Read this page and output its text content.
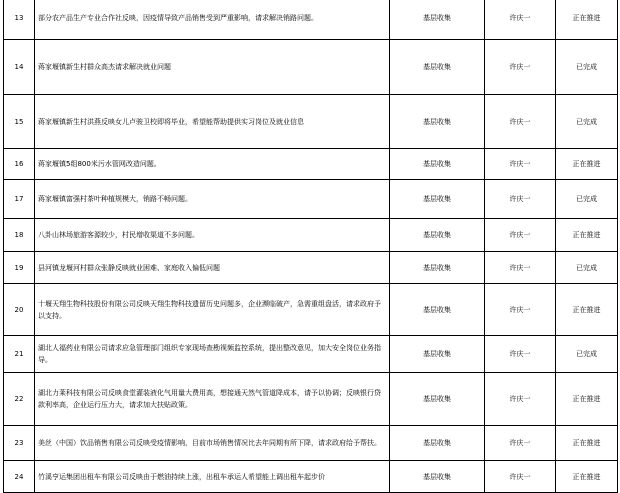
13	部分农产品生产专业合作社反映，因疫情导致产品销售受到严重影响，请求解决销路问题。	基层收集	许庆一	正在推进
14	蒋家堰镇新生村群众高杰请求解决就业问题	基层收集	许庆一	已完成
15	蒋家堰镇新生村洪燕反映女儿卢骏卫校即将毕业，希望能帮助提供实习岗位及就业信息	基层收集	许庆一	已完成
16	蒋家堰镇5组800米污水管网改造问题。	基层收集	许庆一	正在推进
17	蒋家堰镇富强村茶叶种植规模大，销路不畅问题。	基层收集	许庆一	已完成
18	八卦山林场旅游客源较少，村民增收渠道不多问题。	基层收集	许庆一	正在推进
19	县河镇龙堰河村群众张静反映就业困难、家庭收入偏低问题	基层收集	许庆一	已完成
20	十堰天翔生物科技股份有限公司反映天翔生物科技遗留历史问题多，企业濒临破产，急需重组盘活，请求政府予以支持。	基层收集	许庆一	正在推进
21	湖北人福药业有限公司请求应急管理部门组织专家现场查勘视频监控系统，提出整改意见，加大安全岗位业务指导。	基层收集	许庆一	已完成
22	湖北力莱科技有限公司反映食堂灌装液化气用量大费用高，想接通天然气管道降成本，请予以协调；反映银行贷款利率高，企业运行压力大，请求加大扶贴政策。	基层收集	许庆一	正在推进
23	美丝（中国）饮品销售有限公司反映受疫情影响，目前市场销售情况比去年同期有所下降，请求政府给予帮扶。	基层收集	许庆一	正在推进
24	竹溪亨运集团出租车有限公司反映由于燃油持续上涨，出租车承运人希望能上调出租车起步价	基层收集	许庆一	正在推进
